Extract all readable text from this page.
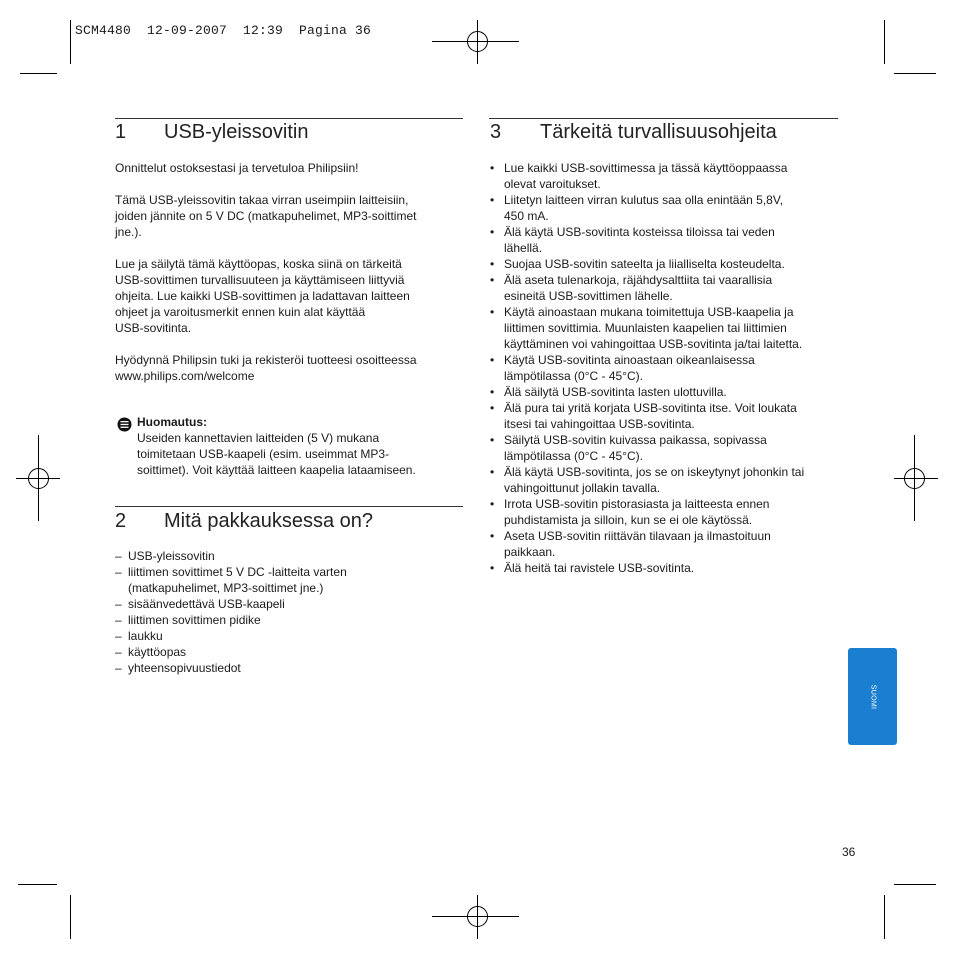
SCM4480  12-09-2007  12:39  Pagina 36
1 USB-yleissovitin

Onnittelut ostoksestasi ja tervetuloa Philipsiin!

Tämä USB-yleissovitin takaa virran useimpiin laitteisiin,
joiden jännite on 5 V DC (matkapuhelimet, MP3-soittimet
jne.).

Lue ja säilytä tämä käyttöopas, koska siinä on tärkeitä
USB-sovittimen turvallisuuteen ja käyttämiseen liittyviä
ohjeita. Lue kaikki USB-sovittimen ja ladattavan laitteen
ohjeet ja varoitusmerkit ennen kuin alat käyttää
USB-sovitinta.

Hyödynnä Philipsin tuki ja rekisteröi tuotteesi osoitteessa
www.philips.com/welcome

Huomautus:

Useiden kannettavien laitteiden (5 V) mukana
toimitetaan USB-kaapeli (esim. useimmat MP3-
soittimet). Voit käyttää laitteen kaapelia lataamiseen.

2 Mitä pakkauksessa on?
– USB-yleissovitin
– liittimen sovittimet 5 V DC -laitteita varten
(matkapuhelimet, MP3-soittimet jne.)
– sisäänvedettävä USB-kaapeli
– liittimen sovittimen pidike
– laukku
– käyttöopas
– yhteensopivuustiedot
3 Tärkeitä turvallisuusohjeita
• Lue kaikki USB-sovittimessa ja tässä käyttöoppaassa
olevat varoitukset.
• Liitetyn laitteen virran kulutus saa olla enintään 5,8V,
450 mA.
• Älä käytä USB-sovitinta kosteissa tiloissa tai veden
lähellä.
• Suojaa USB-sovitin sateelta ja liialliselta kosteudelta.
• Älä aseta tulenarkoja, räjähdysalttiita tai vaarallisia
esineitä USB-sovittimen lähelle.
• Käytä ainoastaan mukana toimitettuja USB-kaapelia ja
liittimen sovittimia. Muunlaisten kaapelien tai liittimien
käyttäminen voi vahingoittaa USB-sovitinta ja/tai laitetta.
• Käytä USB-sovitinta ainoastaan oikeanlaisessa
lämpötilassa (0°C - 45°C).
• Älä säilytä USB-sovitinta lasten ulottuvilla.
• Älä pura tai yritä korjata USB-sovitinta itse. Voit loukata
itsesi tai vahingoittaa USB-sovitinta.
• Säilytä USB-sovitin kuivassa paikassa, sopivassa
lämpötilassa (0°C - 45°C).
• Älä käytä USB-sovitinta, jos se on iskeytynyt johonkin tai
vahingoittunut jollakin tavalla.
• Irrota USB-sovitin pistorasiasta ja laitteesta ennen
puhdistamista ja silloin, kun se ei ole käytössä.
• Aseta USB-sovitin riittävän tilavaan ja ilmastoituun
paikkaan.
• Älä heitä tai ravistele USB-sovitinta.
SUOMI
36
